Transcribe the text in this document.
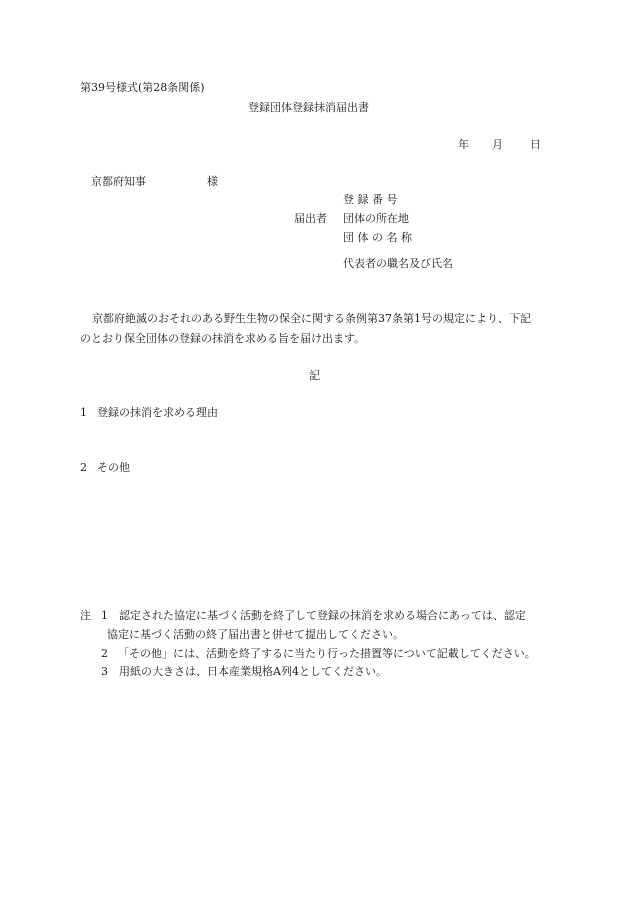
第39号様式(第28条関係)
登録団体登録抹消届出書
年 月 日
京都府知事	様
登 録 番 号
届出者 団体の所在地
団 体 の 名 称
代表者の職名及び氏名
京都府絶滅のおそれのある野生生物の保全に関する条例第37条第1号の規定により、下記
のとおり保全団体の登録の抹消を求める旨を届け出ます。
記
1 登録の抹消を求める理由
2 その他
注 1 認定された協定に基づく活動を終了して登録の抹消を求める場合にあっては、認定
協定に基づく活動の終了届出書と併せて提出してください。
2 「その他」には、活動を終了するに当たり行った措置等について記載してください。
3 用紙の大きさは、日本産業規格A列4としてください。
